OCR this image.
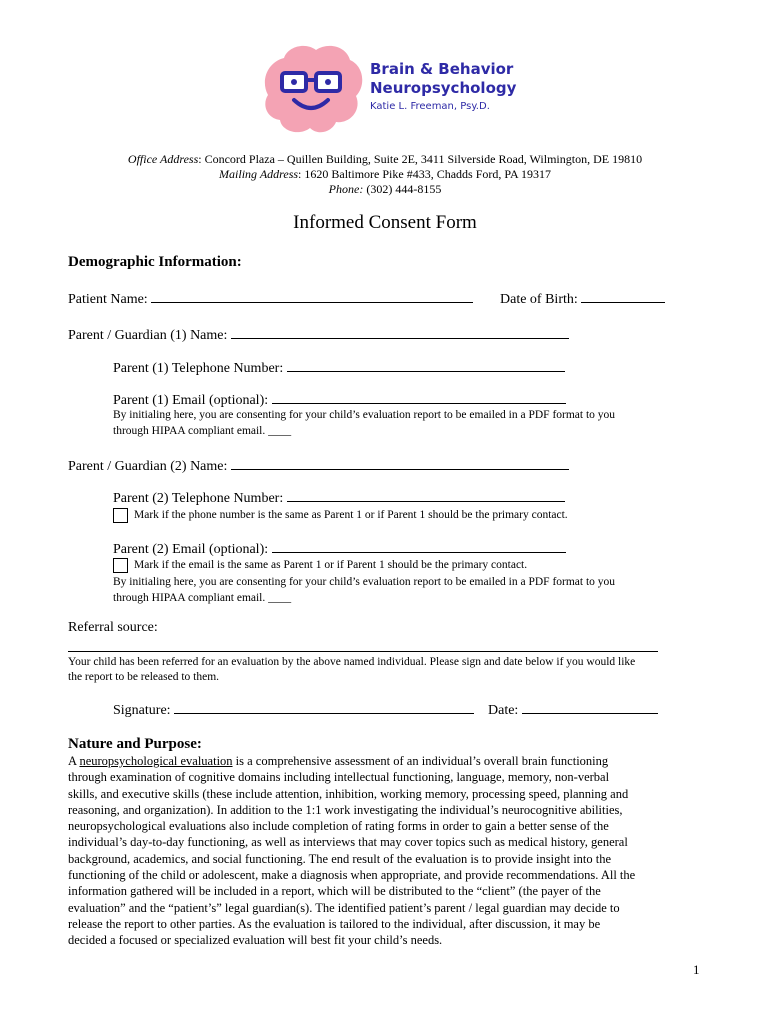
Brain & Behavior
Neuropsychology
Katie L. Freeman, Psy.D.
Office Address: Concord Plaza – Quillen Building, Suite 2E, 3411 Silverside Road, Wilmington, DE 19810
Mailing Address: 1620 Baltimore Pike #433, Chadds Ford, PA 19317
Phone: (302) 444-8155
Informed Consent Form
Demographic Information:
Patient Name:	Date of Birth:
Parent / Guardian (1) Name:
Parent (1) Telephone Number:
Parent (1) Email (optional):
By initialing here, you are consenting for your child’s evaluation report to be emailed in a PDF format to you
through HIPAA compliant email. ____
Parent / Guardian (2) Name:
Parent (2) Telephone Number:
Mark if the phone number is the same as Parent 1 or if Parent 1 should be the primary contact.
Parent (2) Email (optional):
Mark if the email is the same as Parent 1 or if Parent 1 should be the primary contact.
By initialing here, you are consenting for your child’s evaluation report to be emailed in a PDF format to you
through HIPAA compliant email. ____
Referral source:
Your child has been referred for an evaluation by the above named individual. Please sign and date below if you would like
the report to be released to them.
Signature:	Date:
Nature and Purpose:
A neuropsychological evaluation is a comprehensive assessment of an individual’s overall brain functioning
through examination of cognitive domains including intellectual functioning, language, memory, non-verbal
skills, and executive skills (these include attention, inhibition, working memory, processing speed, planning and
reasoning, and organization). In addition to the 1:1 work investigating the individual’s neurocognitive abilities,
neuropsychological evaluations also include completion of rating forms in order to gain a better sense of the
individual’s day-to-day functioning, as well as interviews that may cover topics such as medical history, general
background, academics, and social functioning. The end result of the evaluation is to provide insight into the
functioning of the child or adolescent, make a diagnosis when appropriate, and provide recommendations. All the
information gathered will be included in a report, which will be distributed to the “client” (the payer of the
evaluation” and the “patient’s” legal guardian(s). The identified patient’s parent / legal guardian may decide to
release the report to other parties. As the evaluation is tailored to the individual, after discussion, it may be
decided a focused or specialized evaluation will best fit your child’s needs.
1
